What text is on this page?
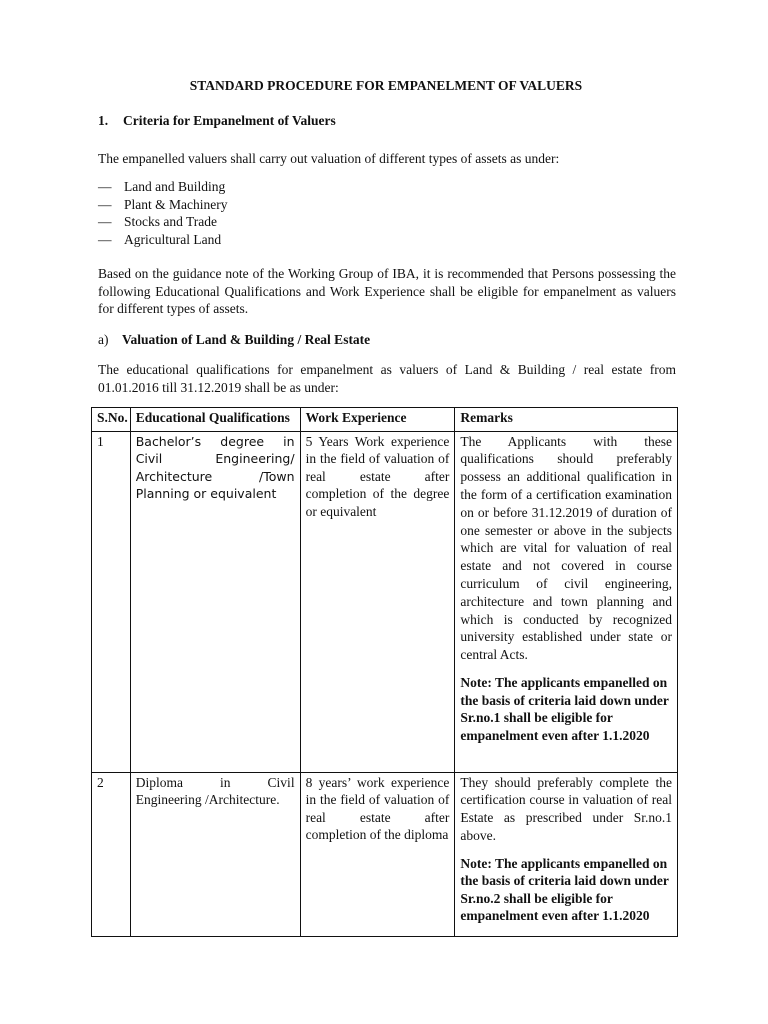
STANDARD PROCEDURE FOR EMPANELMENT OF VALUERS
1. Criteria for Empanelment of Valuers
The empanelled valuers shall carry out valuation of different types of assets as under:
— Land and Building
— Plant & Machinery
— Stocks and Trade
— Agricultural Land
Based on the guidance note of the Working Group of IBA, it is recommended that Persons possessing the following Educational Qualifications and Work Experience shall be eligible for empanelment as valuers for different types of assets.
a) Valuation of Land & Building / Real Estate
The educational qualifications for empanelment as valuers of Land & Building / real estate from 01.01.2016 till 31.12.2019 shall be as under:
S.No.	Educational Qualifications	Work Experience	Remarks
1	Bachelor’s degree in Civil Engineering/ Architecture /Town Planning or equivalent	5 Years Work experience in the field of valuation of real estate after completion of the degree or equivalent	The Applicants with these qualifications should preferably possess an additional qualification in the form of a certification examination on or before 31.12.2019 of duration of one semester or above in the subjects which are vital for valuation of real estate and not covered in course curriculum of civil engineering, architecture and town planning and which is conducted by recognized university established under state or central Acts.
Note: The applicants empanelled on the basis of criteria laid down under Sr.no.1 shall be eligible for empanelment even after 1.1.2020

2	Diploma in Civil Engineering /Architecture.	8 years’ work experience in the field of valuation of real estate after completion of the diploma	They should preferably complete the certification course in valuation of real Estate as prescribed under Sr.no.1 above.
Note: The applicants empanelled on the basis of criteria laid down under Sr.no.2 shall be eligible for empanelment even after 1.1.2020
